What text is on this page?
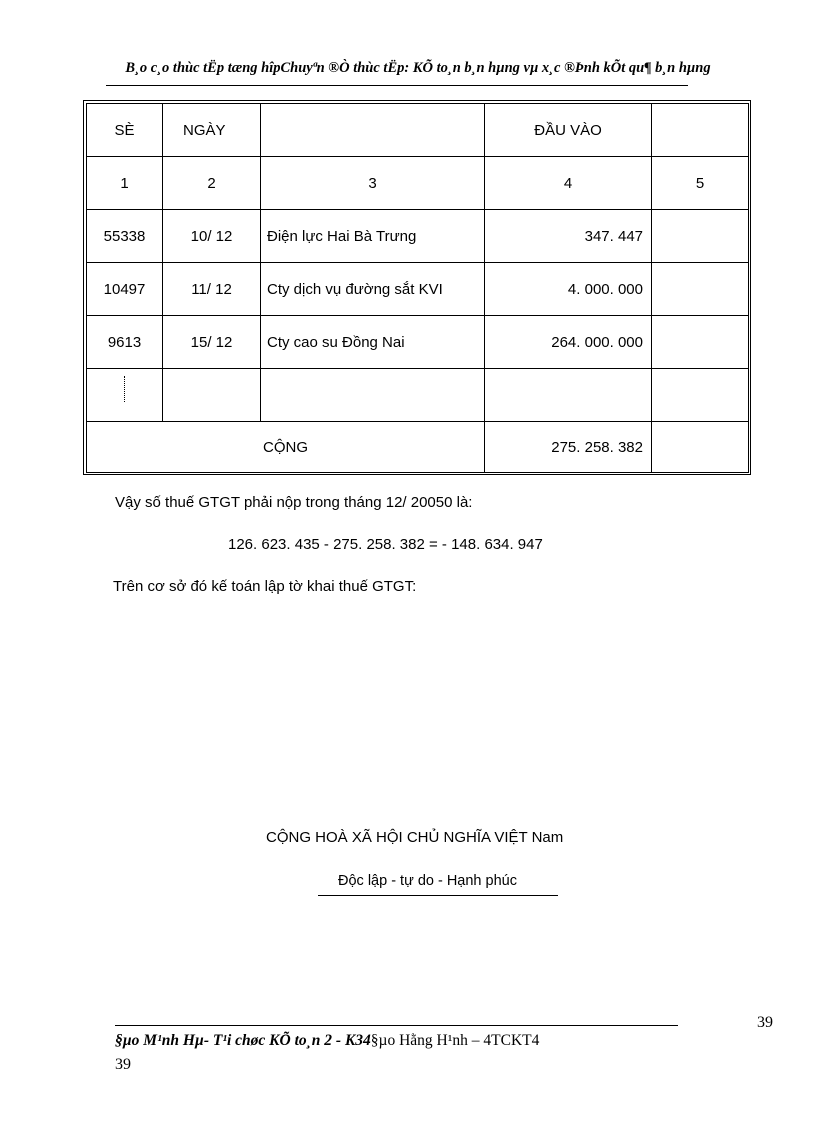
B¸o c¸o thùc tËp tæng hîpChuyªn ®Ò thùc tËp: KÕ to¸n b¸n hµng vµ x¸c ®Þnh kÕt qu¶ b¸n hµng
SÈ	NGÀY		ĐẦU VÀO	
1	2	3	4	5
55338	10/ 12	Điện lực Hai Bà Trưng	347. 447	
10497	11/ 12	Cty dịch vụ đường sắt KVI	4. 000. 000	
9613	15/ 12	Cty cao su Đồng Nai	264. 000. 000	

CỘNG			275. 258. 382	
Vậy số thuế GTGT phải nộp trong tháng 12/ 20050 là:
126. 623. 435 - 275. 258. 382 = - 148. 634. 947
Trên cơ sở đó kế toán lập tờ khai thuế GTGT:
CỘNG HOÀ XÃ HỘI CHỦ NGHĨA VIỆT Nam
Độc lập - tự do - Hạnh phúc
39
§µo M¹nh Hµ- T¹i chøc KÕ to¸n 2 - K34§µo Hằng H¹nh – 4TCKT4
39
